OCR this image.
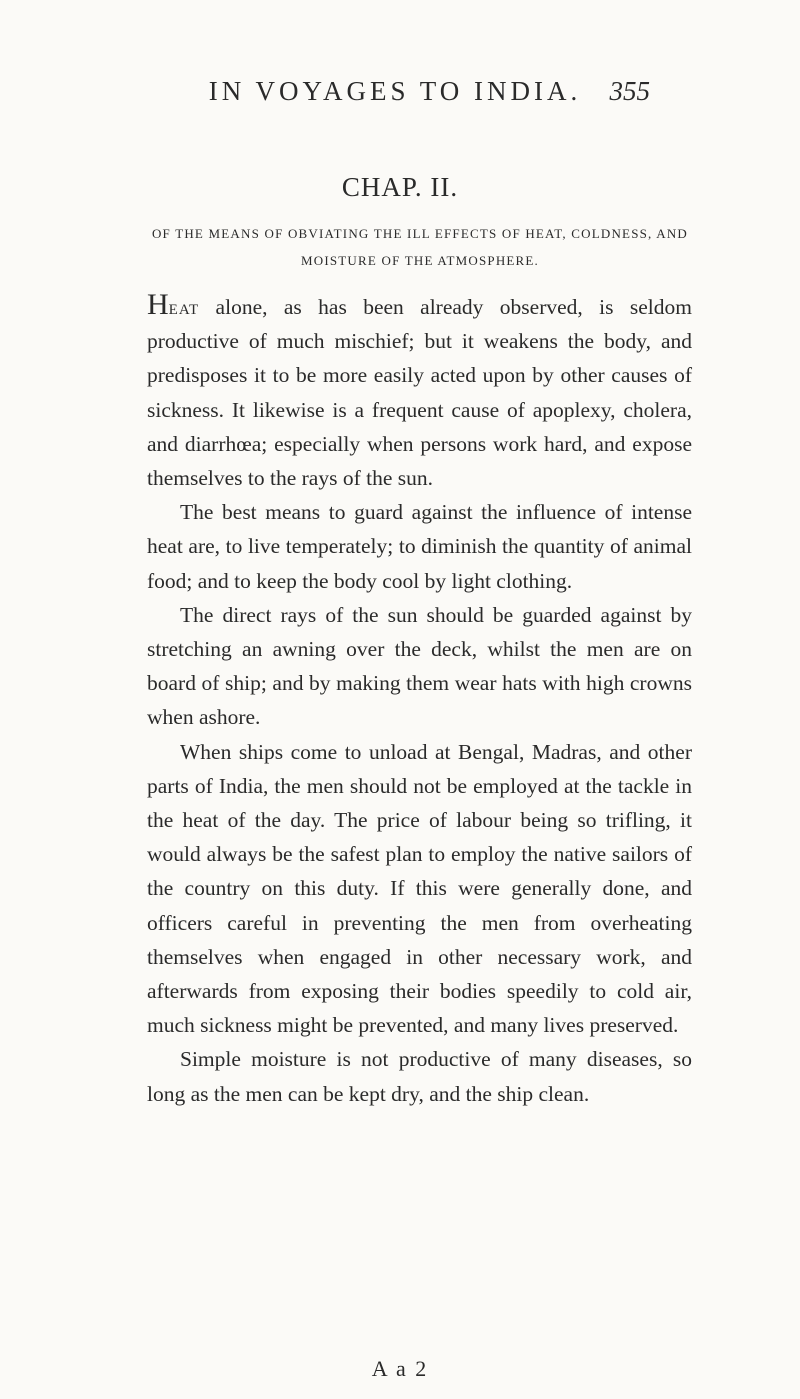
IN VOYAGES TO INDIA.	355
CHAP. II.
OF THE MEANS OF OBVIATING THE ILL EFFECTS OF HEAT, COLDNESS, AND MOISTURE OF THE ATMOSPHERE.

Heat alone, as has been already observed, is seldom productive of much mischief; but it weakens the body, and predisposes it to be more easily acted upon by other causes of sickness. It likewise is a frequent cause of apoplexy, cholera, and diarrhœa; especially when persons work hard, and expose themselves to the rays of the sun.

The best means to guard against the influence of intense heat are, to live temperately; to diminish the quantity of animal food; and to keep the body cool by light clothing.

The direct rays of the sun should be guarded against by stretching an awning over the deck, whilst the men are on board of ship; and by making them wear hats with high crowns when ashore.

When ships come to unload at Bengal, Madras, and other parts of India, the men should not be employed at the tackle in the heat of the day. The price of labour being so trifling, it would always be the safest plan to employ the native sailors of the country on this duty. If this were generally done, and officers careful in preventing the men from overheating themselves when engaged in other necessary work, and afterwards from exposing their bodies speedily to cold air, much sickness might be prevented, and many lives preserved.

Simple moisture is not productive of many diseases, so long as the men can be kept dry, and the ship clean.

A a 2
